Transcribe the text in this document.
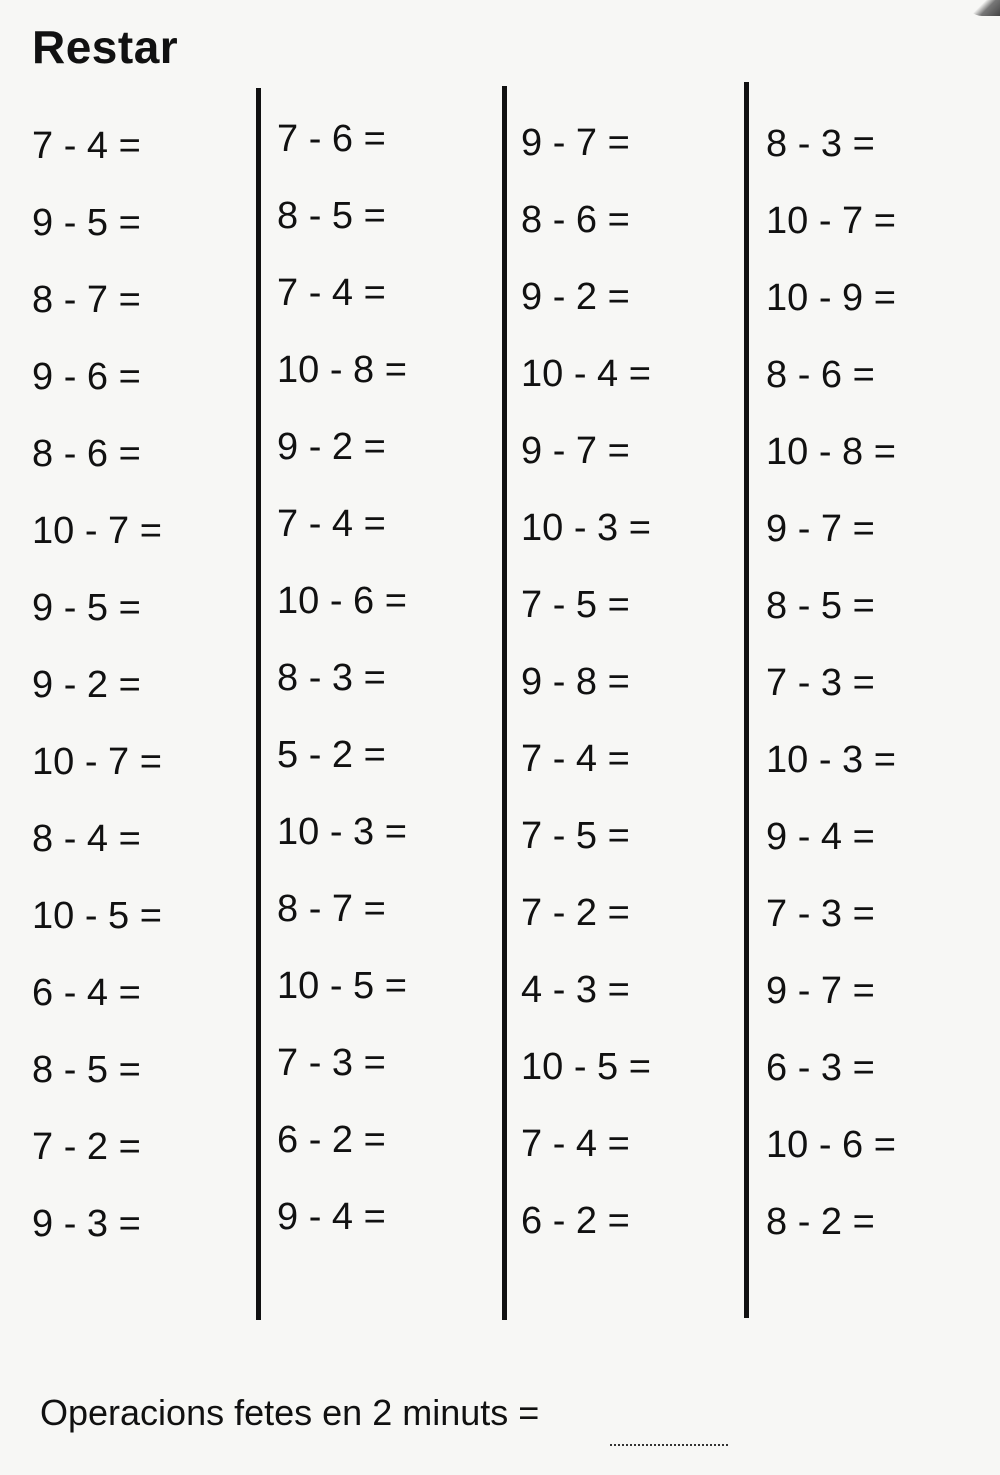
Restar
7 - 4 =
9 - 5 =
8 - 7 =
9 - 6 =
8 - 6 =
10 - 7 =
9 - 5 =
9 - 2 =
10 - 7 =
8 - 4 =
10 - 5 =
6 - 4 =
8 - 5 =
7 - 2 =
9 - 3 =
7 - 6 =
8 - 5 =
7 - 4 =
10 - 8 =
9 - 2 =
7 - 4 =
10 - 6 =
8 - 3 =
5 - 2 =
10 - 3 =
8 - 7 =
10 - 5 =
7 - 3 =
6 - 2 =
9 - 4 =
9 - 7 =
8 - 6 =
9 - 2 =
10 - 4 =
9 - 7 =
10 - 3 =
7 - 5 =
9 - 8 =
7 - 4 =
7 - 5 =
7 - 2 =
4 - 3 =
10 - 5 =
7 - 4 =
6 - 2 =
8 - 3 =
10 - 7 =
10 - 9 =
8 - 6 =
10 - 8 =
9 - 7 =
8 - 5 =
7 - 3 =
10 - 3 =
9 - 4 =
7 - 3 =
9 - 7 =
6 - 3 =
10 - 6 =
8 - 2 =
Operacions fetes en 2 minuts =
